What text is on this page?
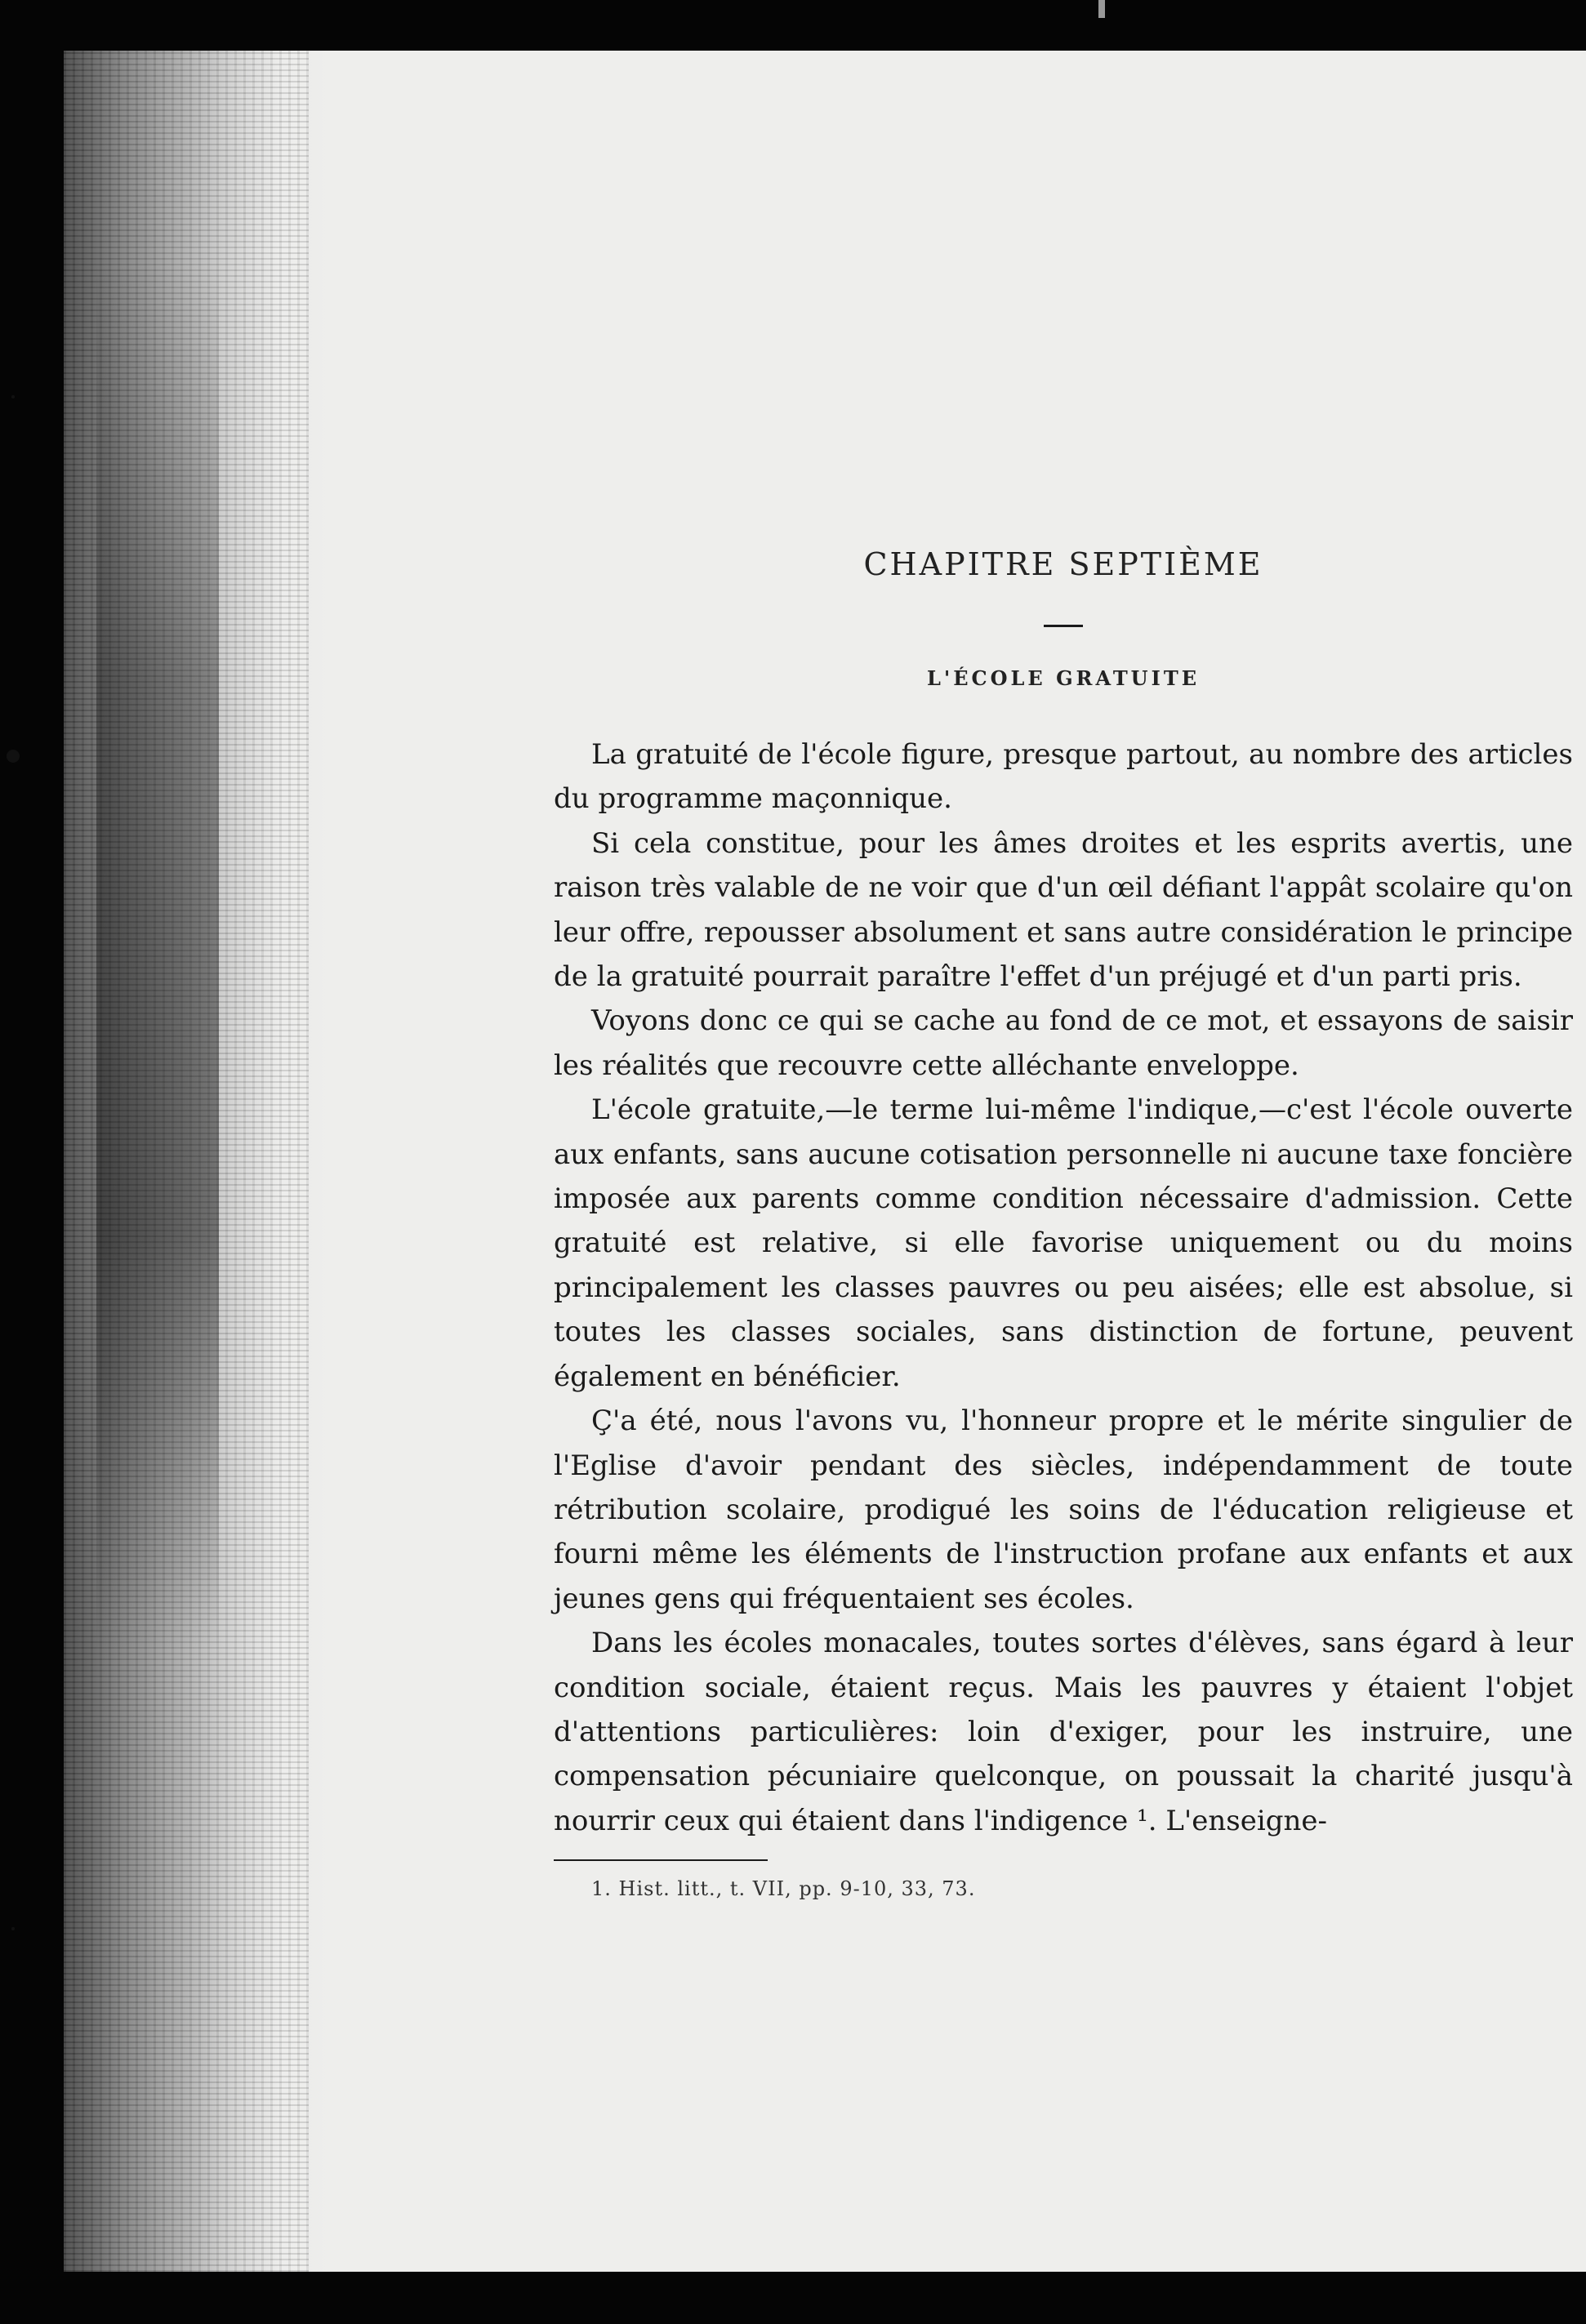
CHAPITRE SEPTIÈME
L'ÉCOLE GRATUITE

La gratuité de l'école figure, presque partout, au nombre des articles du programme maçonnique.

Si cela constitue, pour les âmes droites et les esprits avertis, une raison très valable de ne voir que d'un œil défiant l'appât scolaire qu'on leur offre, repousser absolument et sans autre considération le principe de la gratuité pourrait paraître l'effet d'un préjugé et d'un parti pris.

Voyons donc ce qui se cache au fond de ce mot, et essayons de saisir les réalités que recouvre cette alléchante enveloppe.

L'école gratuite,—le terme lui-même l'indique,—c'est l'école ouverte aux enfants, sans aucune cotisation personnelle ni aucune taxe foncière imposée aux parents comme condition nécessaire d'admission. Cette gratuité est relative, si elle favorise uniquement ou du moins principalement les classes pauvres ou peu aisées; elle est absolue, si toutes les classes sociales, sans distinction de fortune, peuvent également en bénéficier.

Ç'a été, nous l'avons vu, l'honneur propre et le mérite singulier de l'Eglise d'avoir pendant des siècles, indépendamment de toute rétribution scolaire, prodigué les soins de l'éducation religieuse et fourni même les éléments de l'instruction profane aux enfants et aux jeunes gens qui fréquentaient ses écoles.

Dans les écoles monacales, toutes sortes d'élèves, sans égard à leur condition sociale, étaient reçus. Mais les pauvres y étaient l'objet d'attentions particulières: loin d'exiger, pour les instruire, une compensation pécuniaire quelconque, on poussait la charité jusqu'à nourrir ceux qui étaient dans l'indigence ¹. L'enseigne-

1. Hist. litt., t. VII, pp. 9-10, 33, 73.
